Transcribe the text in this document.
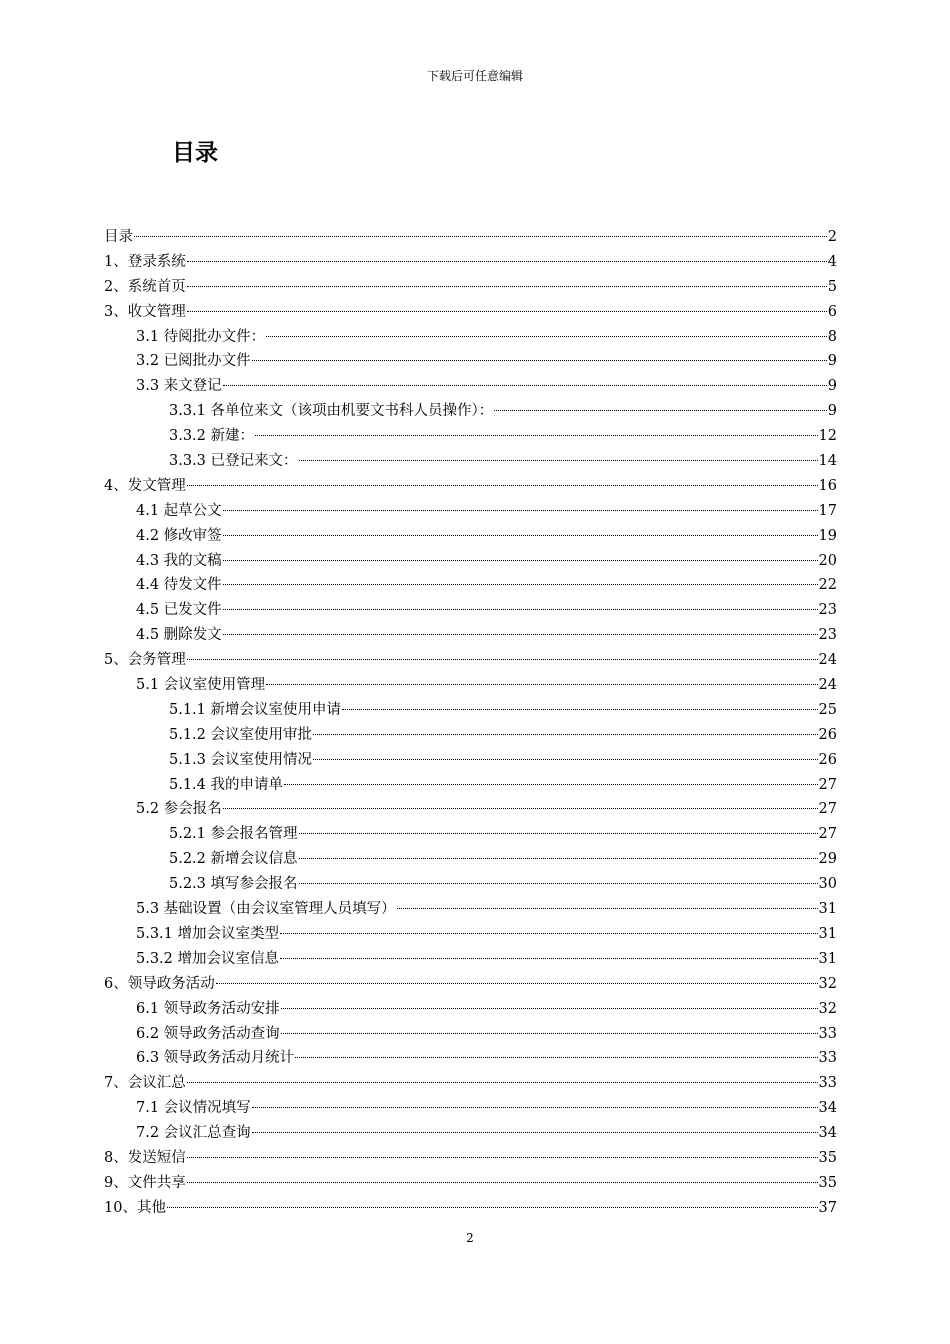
下载后可任意编辑
目录
目录	2
1、登录系统	4
2、系统首页	5
3、收文管理	6
3.1 待阅批办文件：	8
3.2 已阅批办文件	9
3.3 来文登记	9
3.3.1 各单位来文（该项由机要文书科人员操作）：	9
3.3.2 新建：	12
3.3.3 已登记来文：	14
4、发文管理	16
4.1 起草公文	17
4.2 修改审签	19
4.3 我的文稿	20
4.4 待发文件	22
4.5 已发文件	23
4.5 删除发文	23
5、会务管理	24
5.1 会议室使用管理	24
5.1.1 新增会议室使用申请	25
5.1.2 会议室使用审批	26
5.1.3 会议室使用情况	26
5.1.4 我的申请单	27
5.2 参会报名	27
5.2.1 参会报名管理	27
5.2.2 新增会议信息	29
5.2.3 填写参会报名	30
5.3 基础设置（由会议室管理人员填写）	31
5.3.1 增加会议室类型	31
5.3.2 增加会议室信息	31
6、领导政务活动	32
6.1 领导政务活动安排	32
6.2 领导政务活动查询	33
6.3 领导政务活动月统计	33
7、会议汇总	33
7.1 会议情况填写	34
7.2 会议汇总查询	34
8、发送短信	35
9、文件共享	35
10、其他	37
2
